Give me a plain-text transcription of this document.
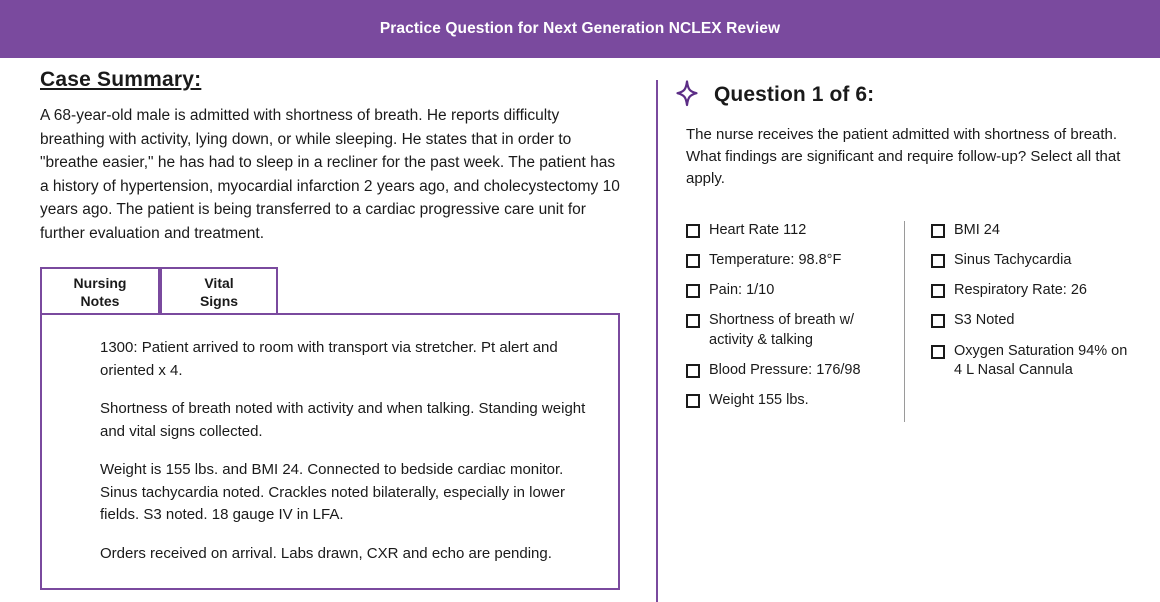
Practice Question for Next Generation NCLEX Review
Case Summary:

A 68-year-old male is admitted with shortness of breath. He reports difficulty breathing with activity, lying down, or while sleeping. He states that in order to "breathe easier," he has had to sleep in a recliner for the past week. The patient has a history of hypertension, myocardial infarction 2 years ago, and cholecystectomy 10 years ago. The patient is being transferred to a cardiac progressive care unit for further evaluation and treatment.

Nursing
Notes
Vital
Signs

1300: Patient arrived to room with transport via stretcher. Pt alert and oriented x 4.

Shortness of breath noted with activity and when talking. Standing weight and vital signs collected.

Weight is 155 lbs. and BMI 24. Connected to bedside cardiac monitor. Sinus tachycardia noted. Crackles noted bilaterally, especially in lower fields. S3 noted. 18 gauge IV in LFA.

Orders received on arrival. Labs drawn, CXR and echo are pending.

Question 1 of 6:

The nurse receives the patient admitted with shortness of breath. What findings are significant and require follow-up? Select all that apply.

Heart Rate 112
Temperature: 98.8°F
Pain: 1/10
Shortness of breath w/ activity & talking
Blood Pressure: 176/98
Weight 155 lbs.
BMI 24
Sinus Tachycardia
Respiratory Rate: 26
S3 Noted
Oxygen Saturation 94% on 4 L Nasal Cannula
